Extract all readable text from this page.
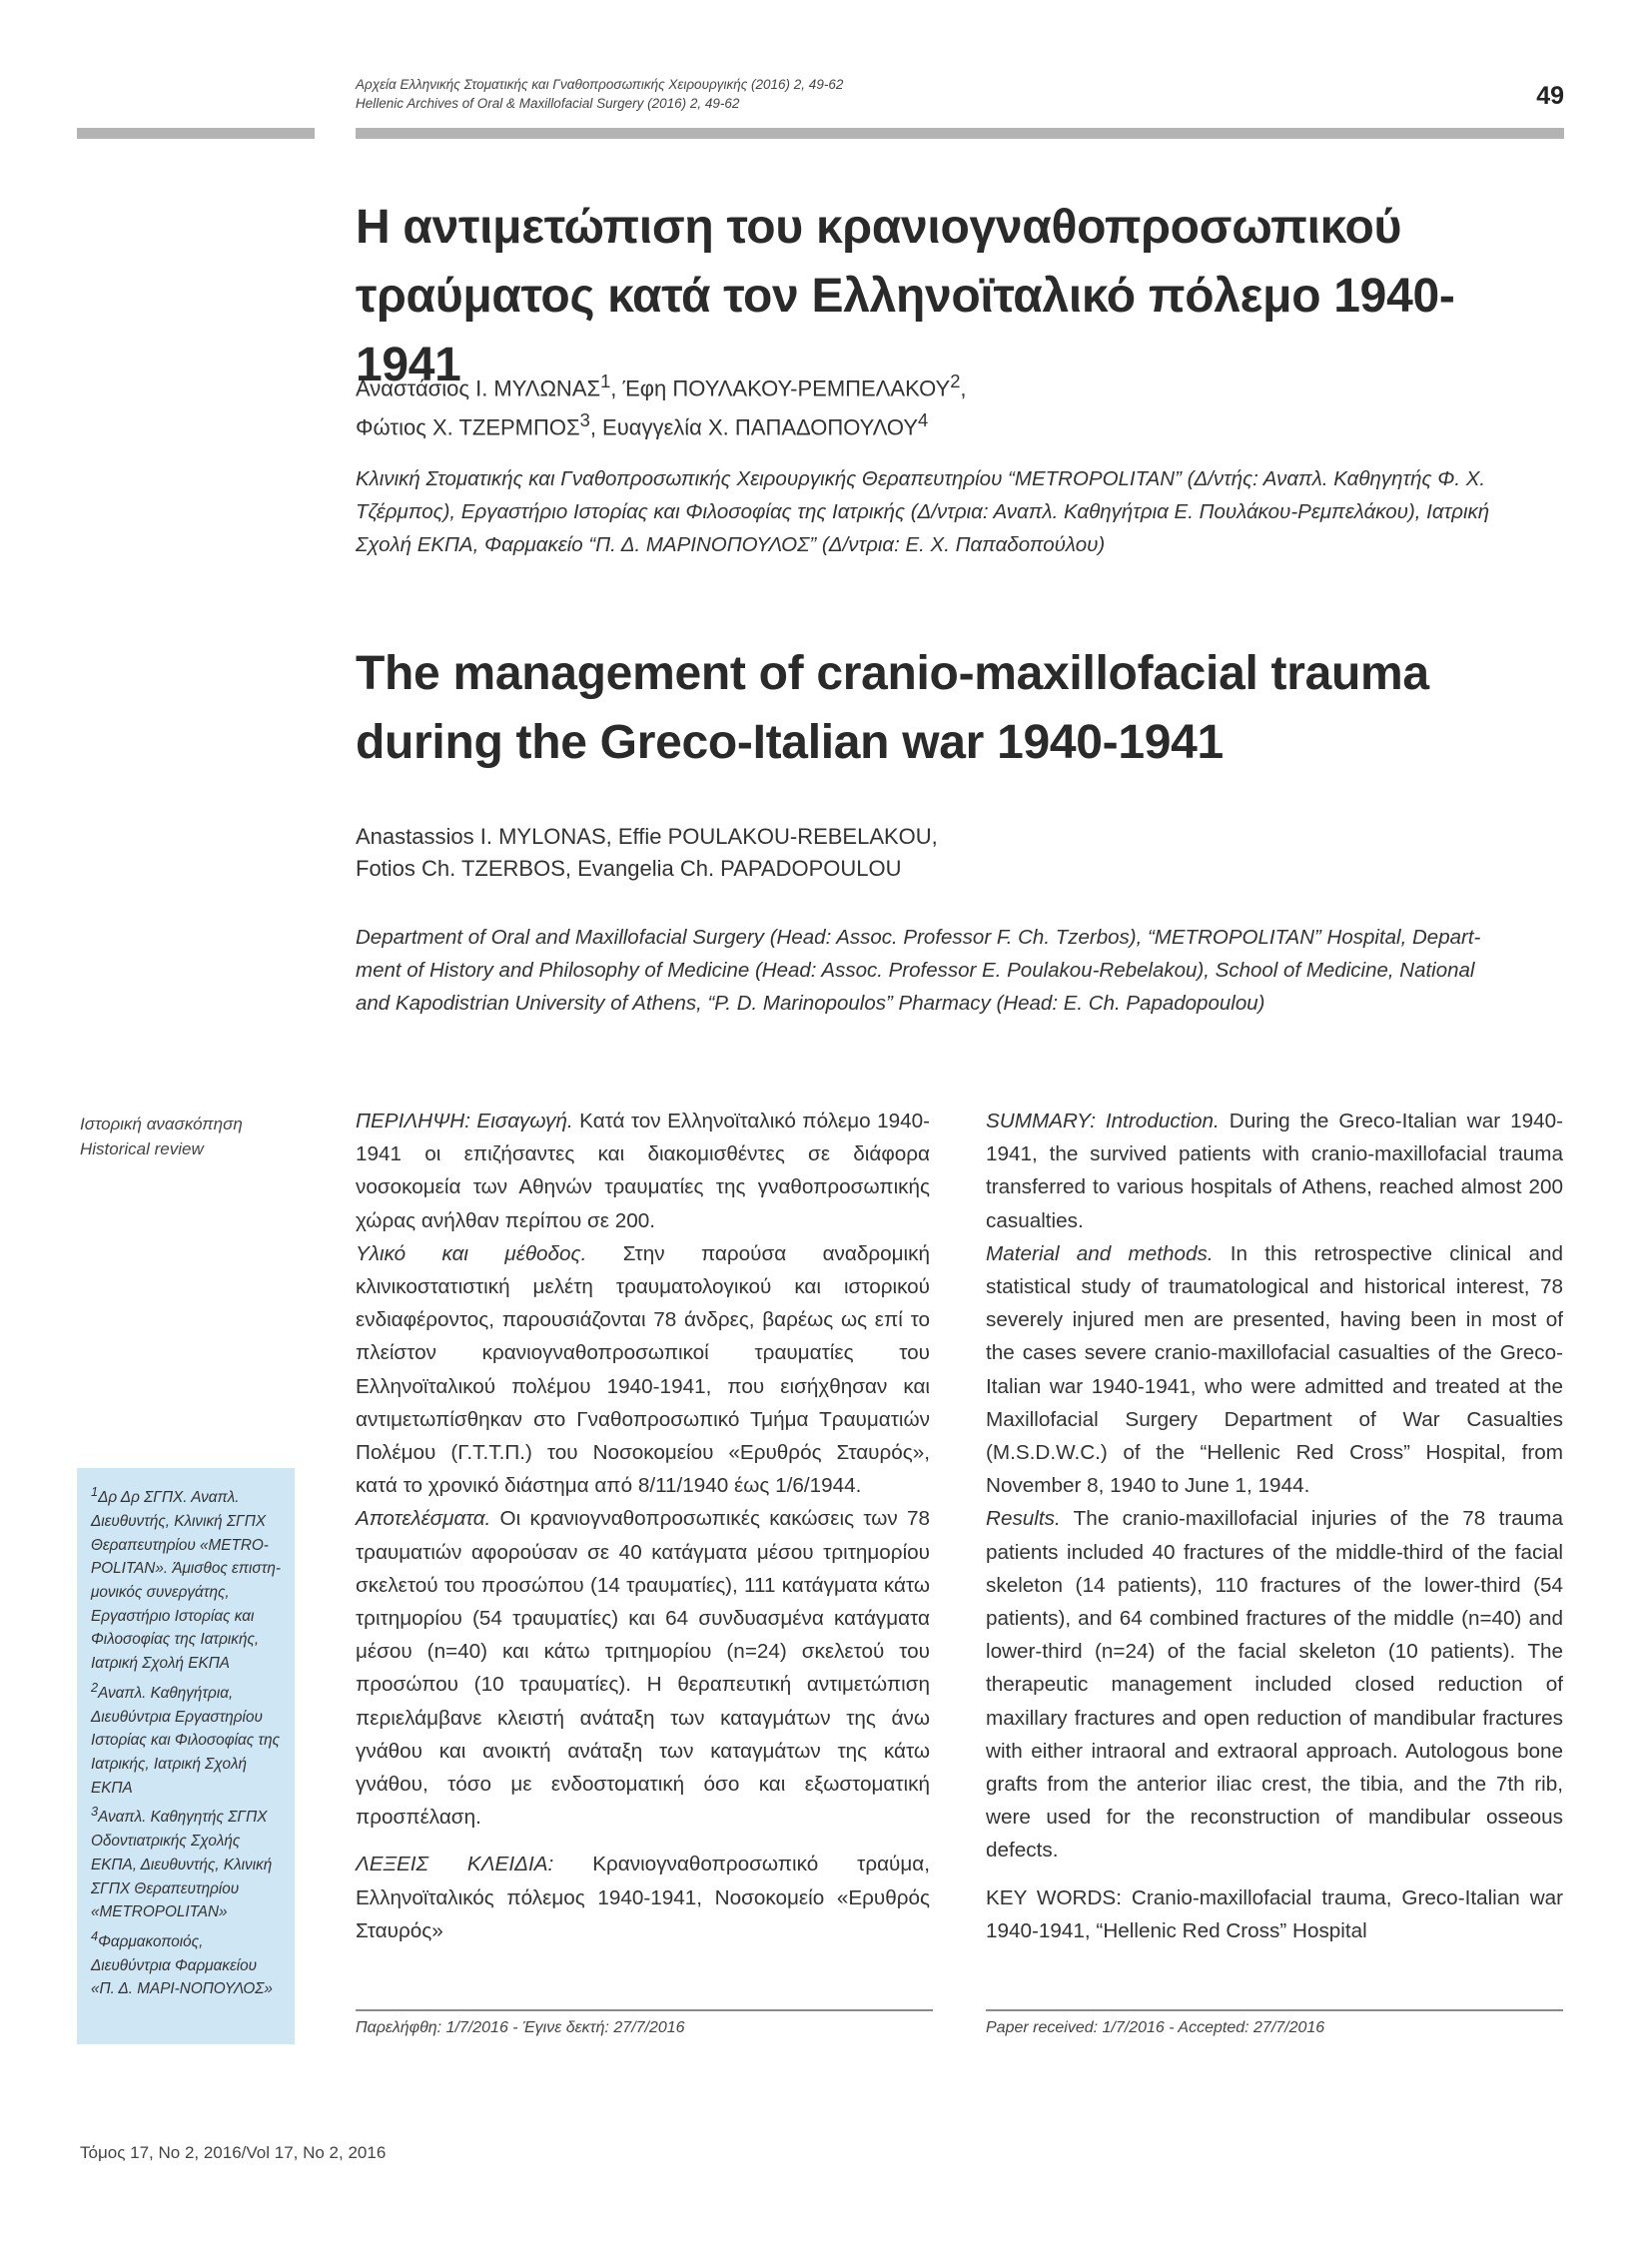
Αρχεία Ελληνικής Στοματικής και Γναθοπροσωπικής Χειρουργικής (2016) 2, 49-62
Hellenic Archives of Oral & Maxillofacial Surgery (2016) 2, 49-62	49
Η αντιμετώπιση του κρανιογναθοπροσωπικού
τραύματος κατά τον Ελληνοϊταλικό πόλεμο 1940-1941
Αναστάσιος Ι. ΜΥΛΩΝΑΣ$^1$, Έφη ΠΟΥΛΑΚΟΥ-ΡΕΜΠΕΛΑΚΟΥ$^2$,
Φώτιος Χ. ΤΖΕΡΜΠΟΣ$^3$, Ευαγγελία Χ. ΠΑΠΑΔΟΠΟΥΛΟΥ$^4$
Κλινική Στοματικής και Γναθοπροσωπικής Χειρουργικής Θεραπευτηρίου “METROPOLITAN” (Δ/ντής: Αναπλ. Καθηγητής Φ. Χ.
Τζέρμπος), Εργαστήριο Ιστορίας και Φιλοσοφίας της Ιατρικής (Δ/ντρια: Αναπλ. Καθηγήτρια Ε. Πουλάκου-Ρεμπελάκου), Ιατρική
Σχολή ΕΚΠΑ, Φαρμακείο “Π. Δ. ΜΑΡΙΝΟΠΟΥΛΟΣ” (Δ/ντρια: Ε. Χ. Παπαδοπούλου)
The management of cranio-maxillofacial trauma
during the Greco-Italian war 1940-1941
Anastassios I. MYLONAS, Effie POULAKOU-REBELAKOU,
Fotios Ch. TZERBOS, Evangelia Ch. PAPADOPOULOU
Department of Oral and Maxillofacial Surgery (Head: Assoc. Professor F. Ch. Tzerbos), “METROPOLITAN” Hospital, Depart-
ment of History and Philosophy of Medicine (Head: Assoc. Professor E. Poulakou-Rebelakou), School of Medicine, National
and Kapodistrian University of Athens, “P. D. Marinopoulos” Pharmacy (Head: E. Ch. Papadopoulou)
Ιστορική ανασκόπηση
Historical review

$^1$Δρ Δρ ΣΓΠΧ. Αναπλ. Διευθυντής, Κλινική ΣΓΠΧ Θεραπευτηρίου «METRO-POLITAN». Άμισθος επιστη-μονικός συνεργάτης, Εργαστήριο Ιστορίας και Φιλοσοφίας της Ιατρικής, Ιατρική Σχολή ΕΚΠΑ

$^2$Αναπλ. Καθηγήτρια, Διευθύντρια Εργαστηρίου Ιστορίας και Φιλοσοφίας της Ιατρικής, Ιατρική Σχολή ΕΚΠΑ

$^3$Αναπλ. Καθηγητής ΣΓΠΧ Οδοντιατρικής Σχολής ΕΚΠΑ, Διευθυντής, Κλινική ΣΓΠΧ Θεραπευτηρίου «METROPOLITAN»

$^4$Φαρμακοποιός, Διευθύντρια Φαρμακείου «Π. Δ. ΜΑΡΙ-ΝΟΠΟΥΛΟΣ»

ΠΕΡΙΛΗΨΗ: Εισαγωγή. Κατά τον Ελληνοϊταλικό πόλεμο 1940-1941 οι επιζήσαντες και διακομισθέντες σε διάφορα νοσοκομεία των Αθηνών τραυματίες της γναθοπροσωπικής χώρας ανήλθαν περίπου σε 200.

Υλικό και μέθοδος. Στην παρούσα αναδρομική κλινικοστατιστική μελέτη τραυματολογικού και ιστορικού ενδιαφέροντος, παρουσιάζονται 78 άνδρες, βαρέως ως επί το πλείστον κρανιογναθοπροσωπικοί τραυματίες του Ελληνοϊταλικού πολέμου 1940-1941, που εισήχθησαν και αντιμετωπίσθηκαν στο Γναθοπροσωπικό Τμήμα Τραυματιών Πολέμου (Γ.Τ.Τ.Π.) του Νοσοκομείου «Ερυθρός Σταυρός», κατά το χρονικό διάστημα από 8/11/1940 έως 1/6/1944.

Αποτελέσματα. Οι κρανιογναθοπροσωπικές κακώσεις των 78 τραυματιών αφορούσαν σε 40 κατάγματα μέσου τριτημορίου σκελετού του προσώπου (14 τραυματίες), 111 κατάγματα κάτω τριτημορίου (54 τραυματίες) και 64 συνδυασμένα κατάγματα μέσου (n=40) και κάτω τριτημορίου (n=24) σκελετού του προσώπου (10 τραυματίες). Η θεραπευτική αντιμετώπιση περιελάμβανε κλειστή ανάταξη των καταγμάτων της άνω γνάθου και ανοικτή ανάταξη των καταγμάτων της κάτω γνάθου, τόσο με ενδοστοματική όσο και εξωστοματική προσπέλαση.

ΛΕΞΕΙΣ ΚΛΕΙΔΙΑ: Κρανιογναθοπροσωπικό τραύμα, Ελληνοϊταλικός πόλεμος 1940-1941, Νοσοκομείο «Ερυθρός Σταυρός»

SUMMARY: Introduction. During the Greco-Italian war 1940-1941, the survived patients with cranio-maxillofacial trauma transferred to various hospitals of Athens, reached almost 200 casualties.

Material and methods. In this retrospective clinical and statistical study of traumatological and historical interest, 78 severely injured men are presented, having been in most of the cases severe cranio-maxillofacial casualties of the Greco-Italian war 1940-1941, who were admitted and treated at the Maxillofacial Surgery Department of War Casualties (M.S.D.W.C.) of the “Hellenic Red Cross” Hospital, from November 8, 1940 to June 1, 1944.

Results. The cranio-maxillofacial injuries of the 78 trauma patients included 40 fractures of the middle-third of the facial skeleton (14 patients), 110 fractures of the lower-third (54 patients), and 64 combined fractures of the middle (n=40) and lower-third (n=24) of the facial skeleton (10 patients). The therapeutic management included closed reduction of maxillary fractures and open reduction of mandibular fractures with either intraoral and extraoral approach. Autologous bone grafts from the anterior iliac crest, the tibia, and the 7th rib, were used for the reconstruction of mandibular osseous defects.

KEY WORDS: Cranio-maxillofacial trauma, Greco-Italian war 1940-1941, “Hellenic Red Cross” Hospital

Παρελήφθη: 1/7/2016 - Έγινε δεκτή: 27/7/2016	Paper received: 1/7/2016 - Accepted: 27/7/2016
Τόμος 17, Νο 2, 2016/Vol 17, No 2, 2016
